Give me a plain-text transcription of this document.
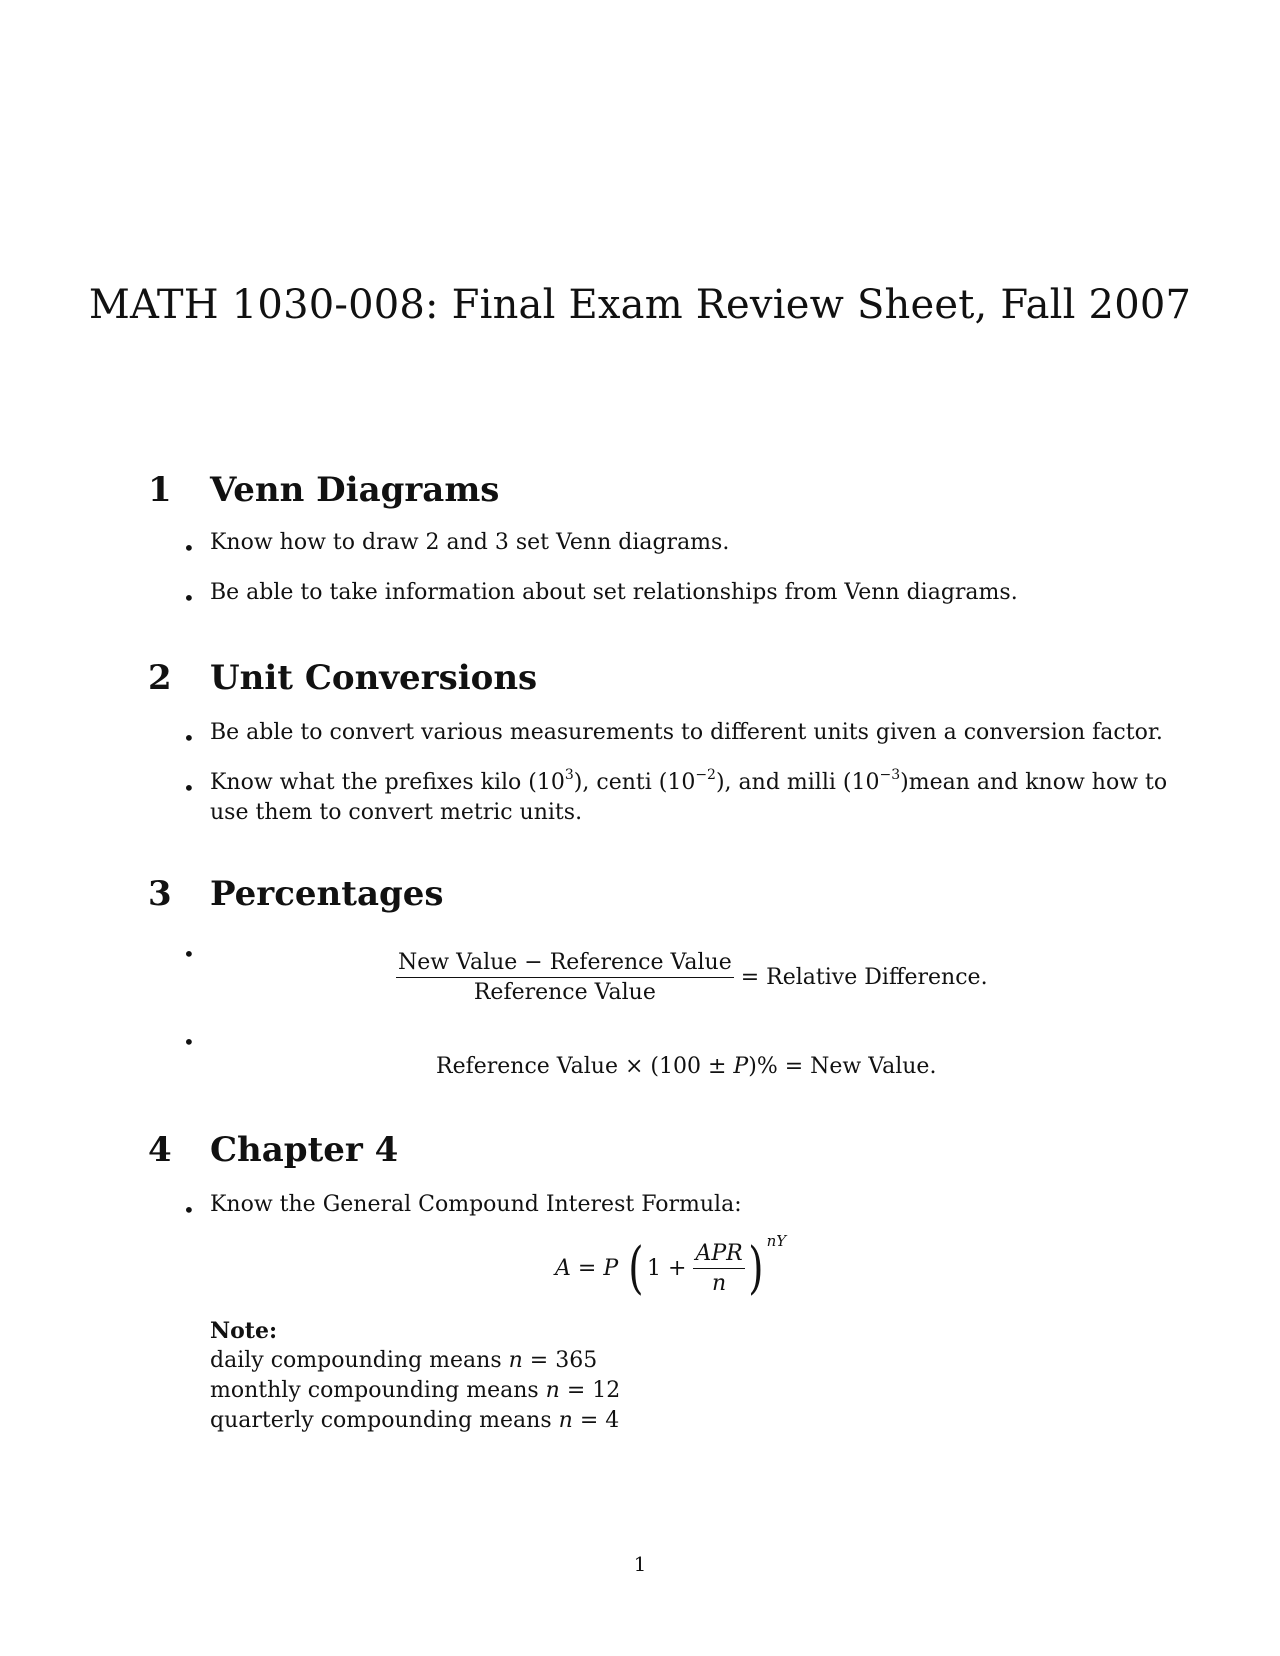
MATH 1030-008: Final Exam Review Sheet, Fall 2007
1 Venn Diagrams
• Know how to draw 2 and 3 set Venn diagrams.
• Be able to take information about set relationships from Venn diagrams.
2 Unit Conversions
• Be able to convert various measurements to different units given a conversion factor.
• Know what the prefixes kilo $(10^3)$, centi $(10^{-2})$, and milli $(10^{-3})mean$ and know how to
use them to convert metric units.
3 Percentages
•	$\frac{\text{New Value − Reference Value}}{\text{Reference Value}}$ = Relative Difference.
•
Reference Value × (100 ± P)% = New Value.
4 Chapter 4
• Know the General Compound Interest Formula:
A = P ( $1 + \frac{\text{APR}}{n}$ ) $^{nY}$
Note:
daily compounding means n = 365
monthly compounding means n = 12
quarterly compounding means n = 4
1
